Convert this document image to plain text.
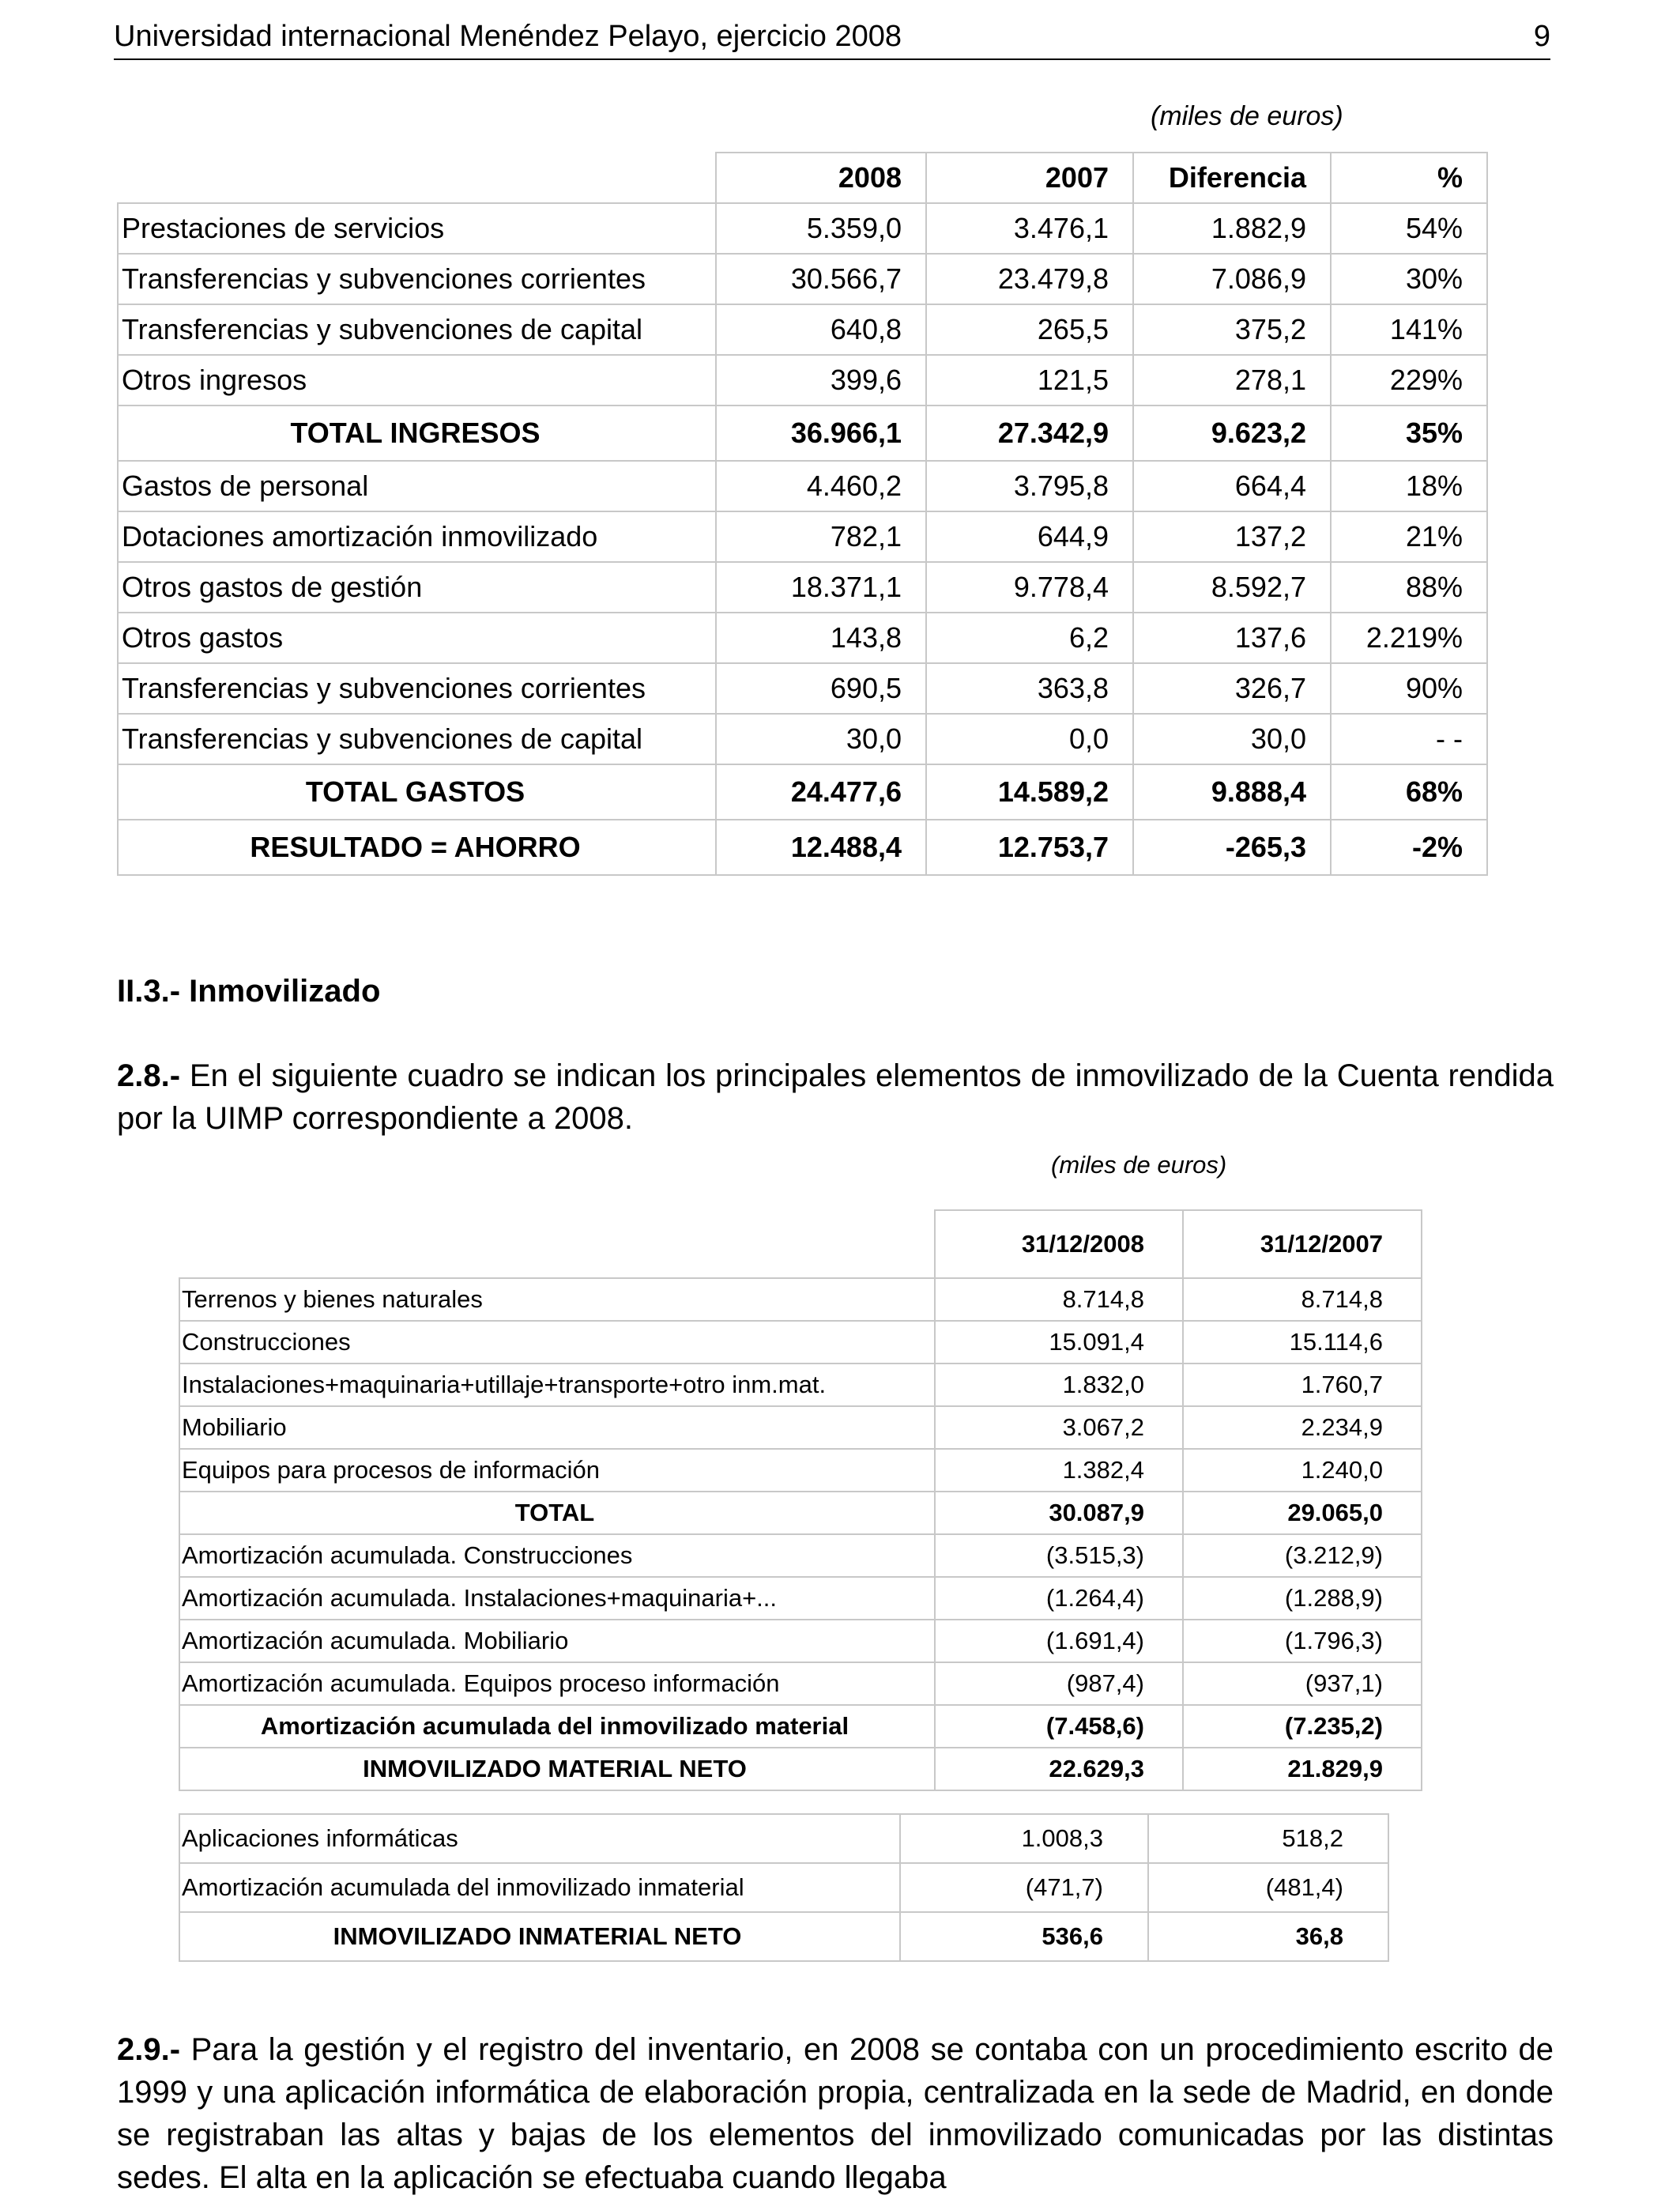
Universidad internacional Menéndez Pelayo, ejercicio 2008	9
(miles de euros)
	2008	2007	Diferencia	%
Prestaciones de servicios	5.359,0	3.476,1	1.882,9	54%
Transferencias y subvenciones corrientes	30.566,7	23.479,8	7.086,9	30%
Transferencias y subvenciones de capital	640,8	265,5	375,2	141%
Otros ingresos	399,6	121,5	278,1	229%
TOTAL INGRESOS	36.966,1	27.342,9	9.623,2	35%
Gastos de personal	4.460,2	3.795,8	664,4	18%
Dotaciones amortización inmovilizado	782,1	644,9	137,2	21%
Otros gastos de gestión	18.371,1	9.778,4	8.592,7	88%
Otros gastos	143,8	6,2	137,6	2.219%
Transferencias y subvenciones corrientes	690,5	363,8	326,7	90%
Transferencias y subvenciones de capital	30,0	0,0	30,0	- -
TOTAL GASTOS	24.477,6	14.589,2	9.888,4	68%
RESULTADO = AHORRO	12.488,4	12.753,7	-265,3	-2%
II.3.- Inmovilizado
2.8.- En el siguiente cuadro se indican los principales elementos de inmovilizado de la Cuenta rendida por la UIMP correspondiente a 2008.
(miles de euros)
	31/12/2008	31/12/2007
Terrenos y bienes naturales	8.714,8	8.714,8
Construcciones	15.091,4	15.114,6
Instalaciones+maquinaria+utillaje+transporte+otro inm.mat.	1.832,0	1.760,7
Mobiliario	3.067,2	2.234,9
Equipos para procesos de información	1.382,4	1.240,0
TOTAL	30.087,9	29.065,0
Amortización acumulada. Construcciones	(3.515,3)	(3.212,9)
Amortización acumulada. Instalaciones+maquinaria+...	(1.264,4)	(1.288,9)
Amortización acumulada. Mobiliario	(1.691,4)	(1.796,3)
Amortización acumulada. Equipos proceso información	(987,4)	(937,1)
Amortización acumulada del inmovilizado material	(7.458,6)	(7.235,2)
INMOVILIZADO MATERIAL NETO	22.629,3	21.829,9
Aplicaciones informáticas	1.008,3	518,2
Amortización acumulada del inmovilizado inmaterial	(471,7)	(481,4)
INMOVILIZADO INMATERIAL NETO	536,6	36,8
2.9.- Para la gestión y el registro del inventario, en 2008 se contaba con un procedimiento escrito de 1999 y una aplicación informática de elaboración propia, centralizada en la sede de Madrid, en donde se registraban las altas y bajas de los elementos del inmovilizado comunicadas por las distintas sedes. El alta en la aplicación se efectuaba cuando llegaba
